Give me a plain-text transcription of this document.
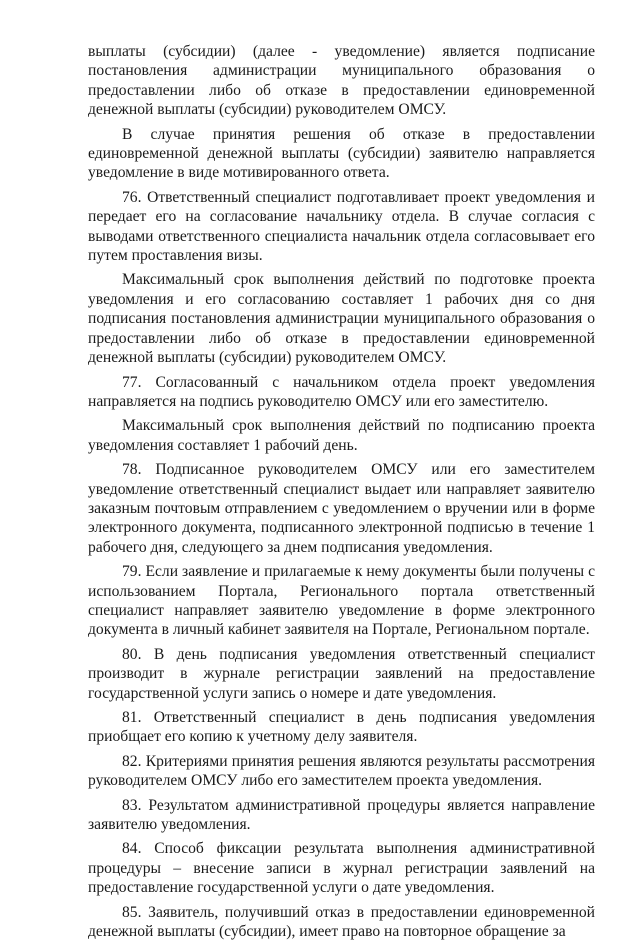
выплаты (субсидии) (далее - уведомление) является подписание постановления администрации муниципального образования о предоставлении либо об отказе в предоставлении единовременной денежной выплаты (субсидии) руководителем ОМСУ.

В случае принятия решения об отказе в предоставлении единовременной денежной выплаты (субсидии) заявителю направляется уведомление в виде мотивированного ответа.

76. Ответственный специалист подготавливает проект уведомления и передает его на согласование начальнику отдела. В случае согласия с выводами ответственного специалиста начальник отдела согласовывает его путем проставления визы.

Максимальный срок выполнения действий по подготовке проекта уведомления и его согласованию составляет 1 рабочих дня со дня подписания постановления администрации муниципального образования о предоставлении либо об отказе в предоставлении единовременной денежной выплаты (субсидии) руководителем ОМСУ.

77. Согласованный с начальником отдела проект уведомления направляется на подпись руководителю ОМСУ или его заместителю.

Максимальный срок выполнения действий по подписанию проекта уведомления составляет 1 рабочий день.

78. Подписанное руководителем ОМСУ или его заместителем уведомление ответственный специалист выдает или направляет заявителю заказным почтовым отправлением с уведомлением о вручении или в форме электронного документа, подписанного электронной подписью в течение 1 рабочего дня, следующего за днем подписания уведомления.

79. Если заявление и прилагаемые к нему документы были получены с использованием Портала, Регионального портала ответственный специалист направляет заявителю уведомление в форме электронного документа в личный кабинет заявителя на Портале, Региональном портале.

80. В день подписания уведомления ответственный специалист производит в журнале регистрации заявлений на предоставление государственной услуги запись о номере и дате уведомления.

81. Ответственный специалист в день подписания уведомления приобщает его копию к учетному делу заявителя.

82. Критериями принятия решения являются результаты рассмотрения руководителем ОМСУ либо его заместителем проекта уведомления.

83. Результатом административной процедуры является направление заявителю уведомления.

84. Способ фиксации результата выполнения административной процедуры – внесение записи в журнал регистрации заявлений на предоставление государственной услуги о дате уведомления.

85. Заявитель, получивший отказ в предоставлении единовременной денежной выплаты (субсидии), имеет право на повторное обращение за
